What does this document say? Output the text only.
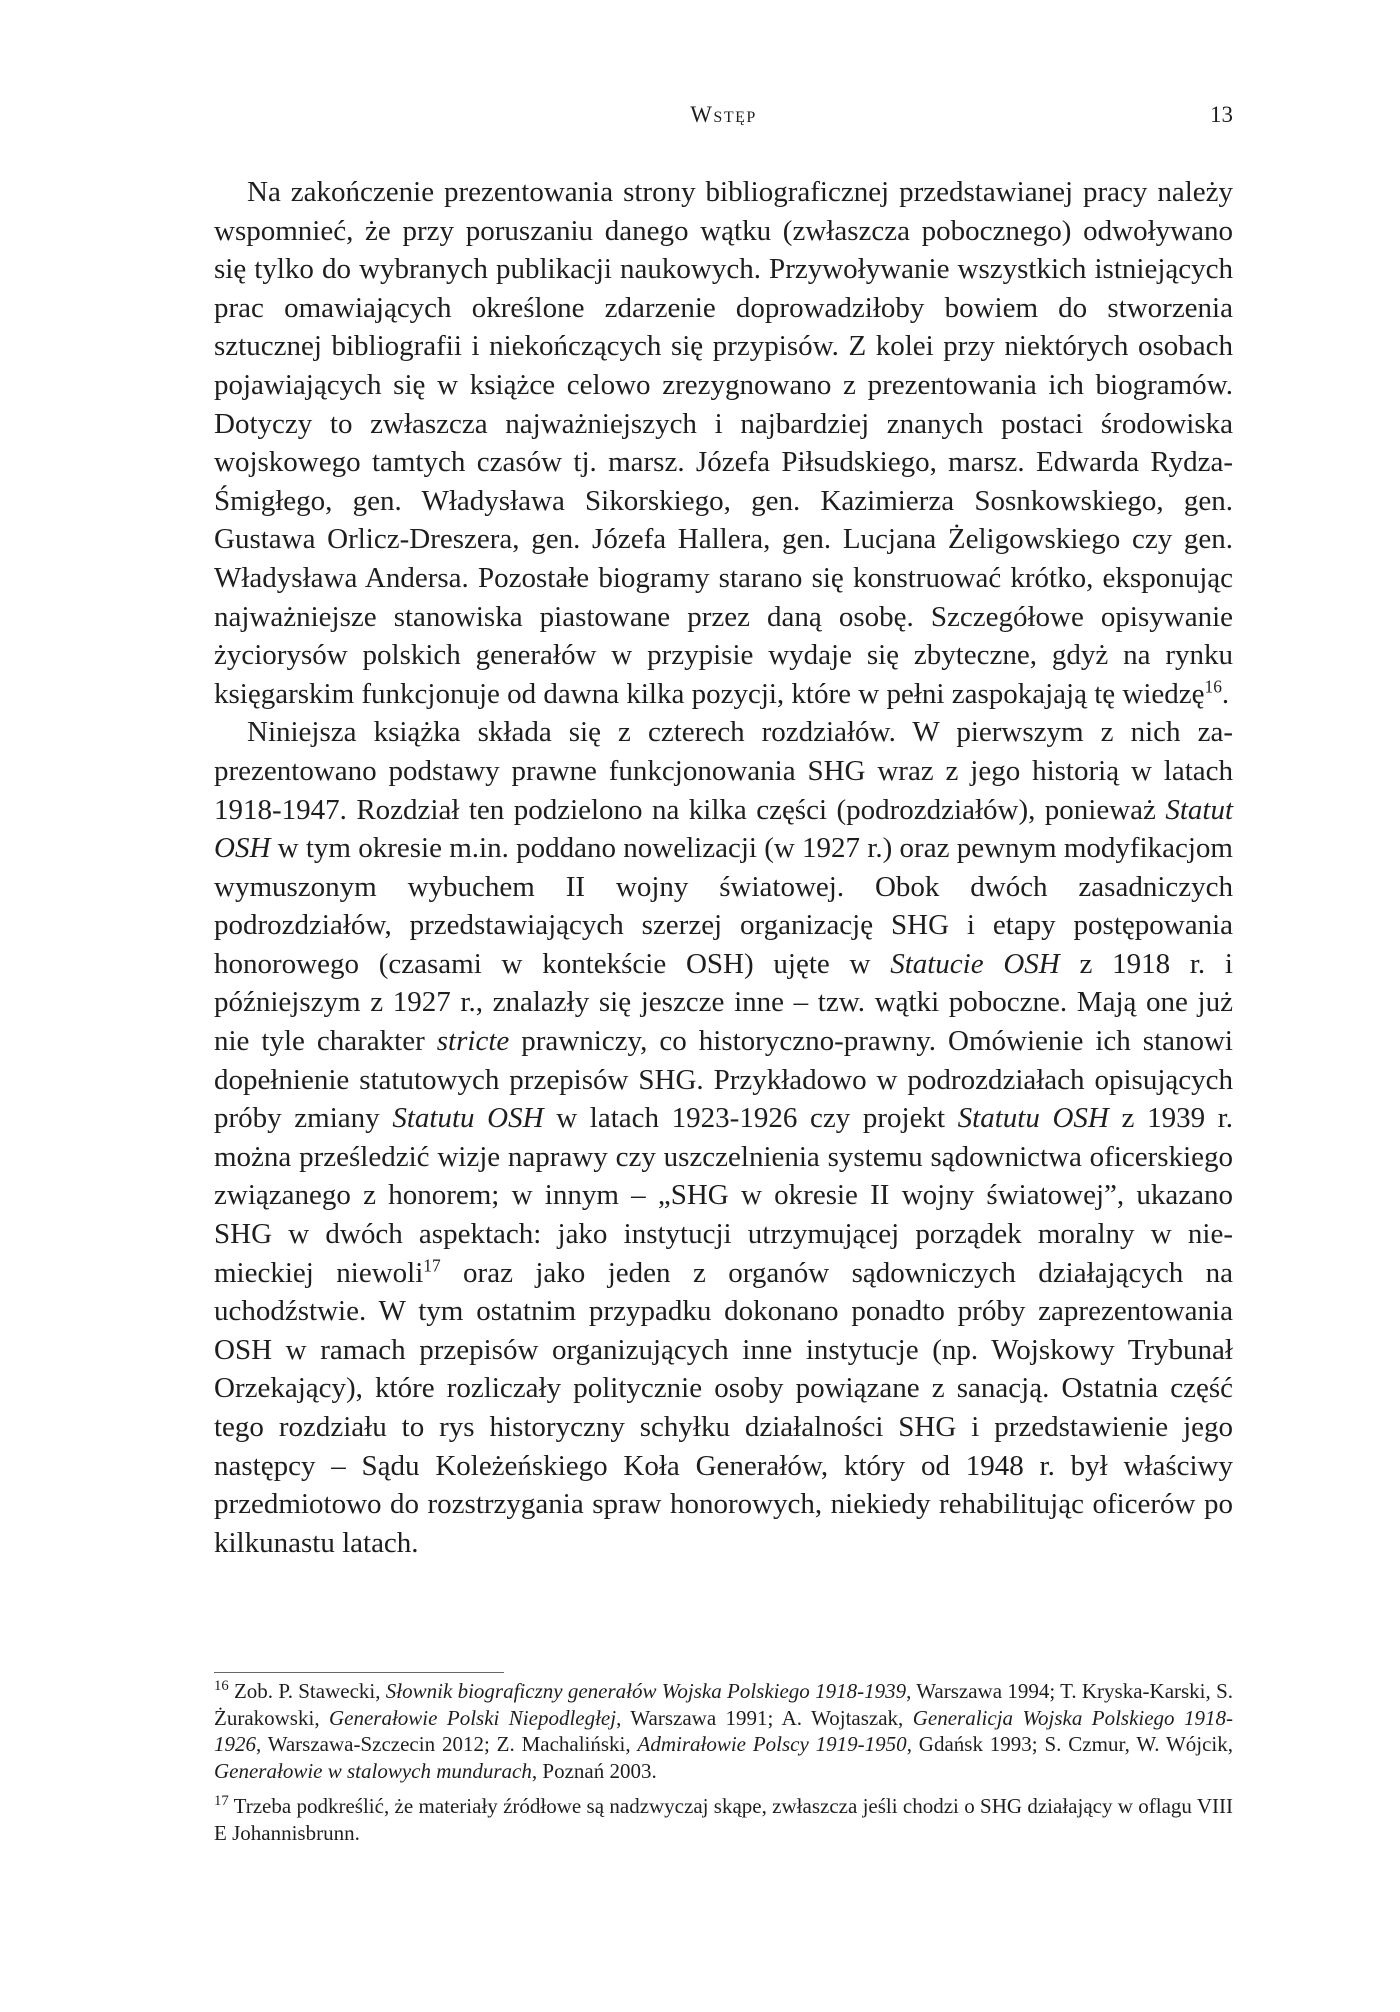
Wstęp	13

Na zakończenie prezentowania strony bibliograficznej przedstawianej pracy należy wspomnieć, że przy poruszaniu danego wątku (zwłaszcza pobocznego) odwoływano się tylko do wybranych publikacji naukowych. Przywoływanie wszystkich istniejących prac omawiających określone zdarzenie doprowadziłoby bowiem do stworzenia sztucznej bibliografii i niekończących się przypisów. Z kolei przy niektórych osobach pojawiających się w książce celowo zrezygnowano z prezentowania ich biogramów. Dotyczy to zwłaszcza najważniejszych i najbardziej znanych postaci środowiska wojskowego tamtych czasów tj. marsz. Józefa Piłsudskiego, marsz. Edwarda Rydza-Śmigłego, gen. Władysława Sikorskiego, gen. Kazimierza Sosnkowskiego, gen. Gustawa Orlicz-Dreszera, gen. Józefa Hallera, gen. Lucjana Żeligowskiego czy gen. Władysława Andersa. Pozostałe biogramy starano się konstruować krótko, eksponując najważniejsze stanowiska piastowane przez daną osobę. Szczegółowe opisywanie życiorysów polskich generałów w przypisie wydaje się zbyteczne, gdyż na rynku księgarskim funkcjonuje od dawna kilka pozycji, które w pełni zaspokajają tę wiedzę$^{16}$.

Niniejsza książka składa się z czterech rozdziałów. W pierwszym z nich zaprezentowano podstawy prawne funkcjonowania SHG wraz z jego historią w latach 1918-1947. Rozdział ten podzielono na kilka części (podrozdziałów), ponieważ Statut OSH w tym okresie m.in. poddano nowelizacji (w 1927 r.) oraz pewnym modyfikacjom wymuszonym wybuchem II wojny światowej. Obok dwóch zasadniczych podrozdziałów, przedstawiających szerzej organizację SHG i etapy postępowania honorowego (czasami w kontekście OSH) ujęte w Statucie OSH z 1918 r. i późniejszym z 1927 r., znalazły się jeszcze inne – tzw. wątki poboczne. Mają one już nie tyle charakter stricte prawniczy, co historyczno-prawny. Omówienie ich stanowi dopełnienie statutowych przepisów SHG. Przykładowo w podrozdziałach opisujących próby zmiany Statutu OSH w latach 1923-1926 czy projekt Statutu OSH z 1939 r. można prześledzić wizje naprawy czy uszczelnienia systemu sądownictwa oficerskiego związanego z honorem; w innym – „SHG w okresie II wojny światowej”, ukazano SHG w dwóch aspektach: jako instytucji utrzymującej porządek moralny w niemieckiej niewoli$^{17}$ oraz jako jeden z organów sądowniczych działających na uchodźstwie. W tym ostatnim przypadku dokonano ponadto próby zaprezentowania OSH w ramach przepisów organizujących inne instytucje (np. Wojskowy Trybunał Orzekający), które rozliczały politycznie osoby powiązane z sanacją. Ostatnia część tego rozdziału to rys historyczny schyłku działalności SHG i przedstawienie jego następcy – Sądu Koleżeńskiego Koła Generałów, który od 1948 r. był właściwy przedmiotowo do rozstrzygania spraw honorowych, niekiedy rehabilitując oficerów po kilkunastu latach.

$^{16}$ Zob. P. Stawecki, Słownik biograficzny generałów Wojska Polskiego 1918-1939, Warszawa 1994; T. Kryska-Karski, S. Żurakowski, Generałowie Polski Niepodległej, Warszawa 1991; A. Wojtaszak, Generalicja Wojska Polskiego 1918-1926, Warszawa-Szczecin 2012; Z. Machaliński, Admirałowie Polscy 1919-1950, Gdańsk 1993; S. Czmur, W. Wójcik, Generałowie w stalowych mundurach, Poznań 2003.

$^{17}$ Trzeba podkreślić, że materiały źródłowe są nadzwyczaj skąpe, zwłaszcza jeśli chodzi o SHG działający w oflagu VIII E Johannisbrunn.
